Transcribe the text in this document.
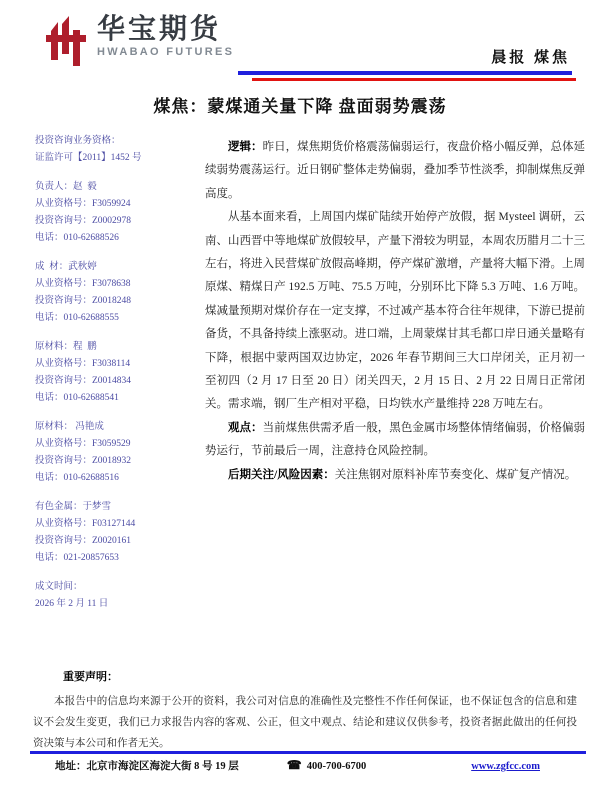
华宝期货
HWABAO FUTURES	晨报 煤焦
煤焦：蒙煤通关量下降 盘面弱势震荡
投资咨询业务资格：
证监许可【2011】1452 号
负责人：赵  毅
从业资格号：F3059924
投资咨询号：Z0002978
电话：010-62688526
成  材：武秋婷
从业资格号：F3078638
投资咨询号：Z0018248
电话：010-62688555
原材料：程  鹏
从业资格号：F3038114
投资咨询号：Z0014834
电话：010-62688541
原材料： 冯艳成
从业资格号：F3059529
投资咨询号：Z0018932
电话：010-62688516
有色金属：于梦雪
从业资格号：F03127144
投资咨询号：Z0020161
电话：021-20857653
成文时间：
2026 年 2 月 11 日

逻辑：昨日，煤焦期货价格震荡偏弱运行，夜盘价格小幅反弹，总体延续弱势震荡运行。近日钢矿整体走势偏弱，叠加季节性淡季，抑制煤焦反弹高度。

从基本面来看，上周国内煤矿陆续开始停产放假，据 Mysteel 调研，云南、山西晋中等地煤矿放假较早，产量下滑较为明显，本周农历腊月二十三左右，将进入民营煤矿放假高峰期，停产煤矿激增，产量将大幅下滑。上周原煤、精煤日产 192.5 万吨、75.5 万吨，分别环比下降 5.3 万吨、1.6 万吨。煤减量预期对煤价存在一定支撑，不过减产基本符合往年规律，下游已提前备货，不具备持续上涨驱动。进口端，上周蒙煤甘其毛都口岸日通关量略有下降，根据中蒙两国双边协定，2026 年春节期间三大口岸闭关，正月初一至初四（2 月 17 日至 20 日）闭关四天，2 月 15 日、2 月 22 日周日正常闭关。需求端，钢厂生产相对平稳，日均铁水产量维持 228 万吨左右。

观点：当前煤焦供需矛盾一般，黑色金属市场整体情绪偏弱，价格偏弱势运行，节前最后一周，注意持仓风险控制。

后期关注/风险因素：关注焦钢对原料补库节奏变化、煤矿复产情况。

重要声明：

本报告中的信息均来源于公开的资料，我公司对信息的准确性及完整性不作任何保证，也不保证包含的信息和建议不会发生变更，我们已力求报告内容的客观、公正，但文中观点、结论和建议仅供参考，投资者据此做出的任何投资决策与本公司和作者无关。

地址：北京市海淀区海淀大街 8 号 19 层	☎ 400-700-6700	www.zgfcc.com
